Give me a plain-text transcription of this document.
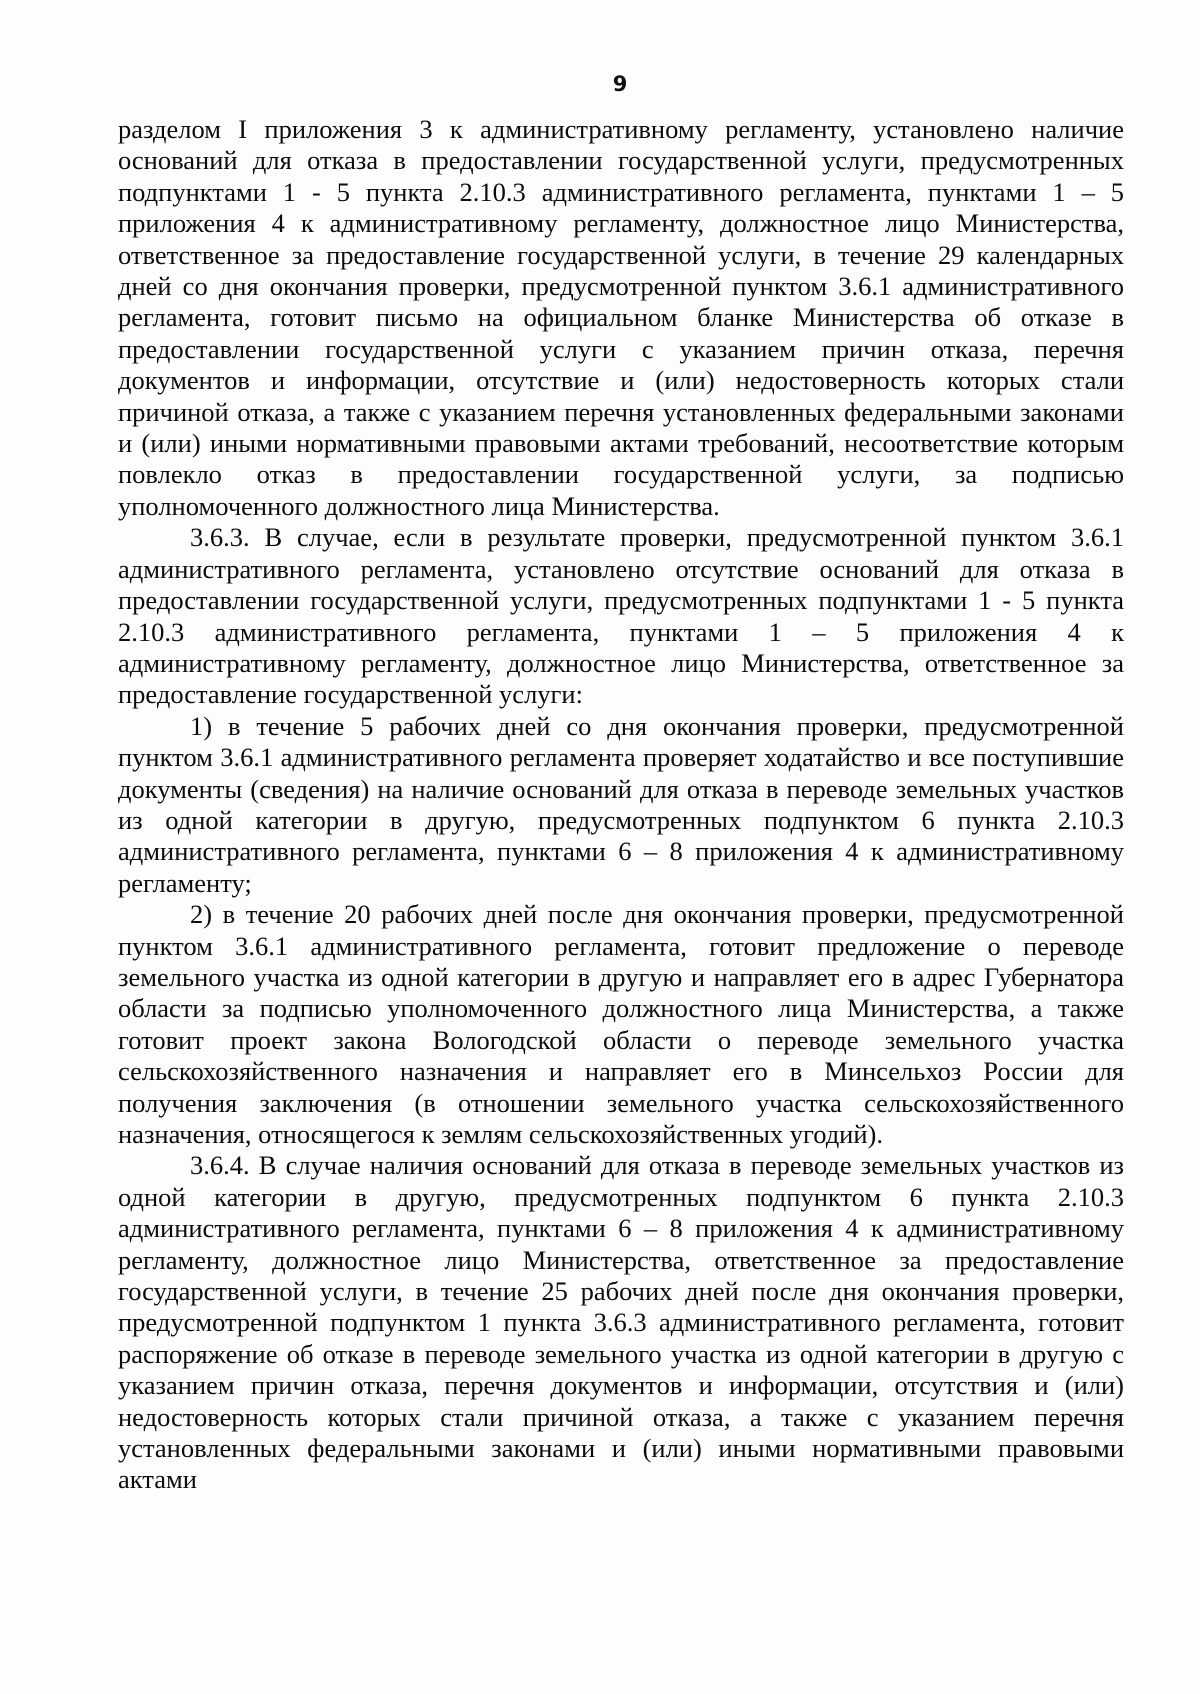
9

разделом I приложения 3 к административному регламенту, установлено наличие оснований для отказа в предоставлении государственной услуги, предусмотренных подпунктами 1 - 5 пункта 2.10.3 административного регламента, пунктами 1 – 5 приложения 4 к административному регламенту, должностное лицо Министерства, ответственное за предоставление государственной услуги, в течение 29 календарных дней со дня окончания проверки, предусмотренной пунктом 3.6.1 административного регламента, готовит письмо на официальном бланке Министерства об отказе в предоставлении государственной услуги с указанием причин отказа, перечня документов и информации, отсутствие и (или) недостоверность которых стали причиной отказа, а также с указанием перечня установленных федеральными законами и (или) иными нормативными правовыми актами требований, несоответствие которым повлекло отказ в предоставлении государственной услуги, за подписью уполномоченного должностного лица Министерства.

3.6.3. В случае, если в результате проверки, предусмотренной пунктом 3.6.1 административного регламента, установлено отсутствие оснований для отказа в предоставлении государственной услуги, предусмотренных подпунктами 1 - 5 пункта 2.10.3 административного регламента, пунктами 1 – 5 приложения 4 к административному регламенту, должностное лицо Министерства, ответственное за предоставление государственной услуги:

1) в течение 5 рабочих дней со дня окончания проверки, предусмотренной пунктом 3.6.1 административного регламента проверяет ходатайство и все поступившие документы (сведения) на наличие оснований для отказа в переводе земельных участков из одной категории в другую, предусмотренных подпунктом 6 пункта 2.10.3 административного регламента, пунктами 6 – 8 приложения 4 к административному регламенту;

2) в течение 20 рабочих дней после дня окончания проверки, предусмотренной пунктом 3.6.1 административного регламента, готовит предложение о переводе земельного участка из одной категории в другую и направляет его в адрес Губернатора области за подписью уполномоченного должностного лица Министерства, а также готовит проект закона Вологодской области о переводе земельного участка сельскохозяйственного назначения и направляет его в Минсельхоз России для получения заключения (в отношении земельного участка сельскохозяйственного назначения, относящегося к землям сельскохозяйственных угодий).

3.6.4. В случае наличия оснований для отказа в переводе земельных участков из одной категории в другую, предусмотренных подпунктом 6 пункта 2.10.3 административного регламента, пунктами 6 – 8 приложения 4 к административному регламенту, должностное лицо Министерства, ответственное за предоставление государственной услуги, в течение 25 рабочих дней после дня окончания проверки, предусмотренной подпунктом 1 пункта 3.6.3 административного регламента, готовит распоряжение об отказе в переводе земельного участка из одной категории в другую с указанием причин отказа, перечня документов и информации, отсутствия и (или) недостоверность которых стали причиной отказа, а также с указанием перечня установленных федеральными законами и (или) иными нормативными правовыми актами
